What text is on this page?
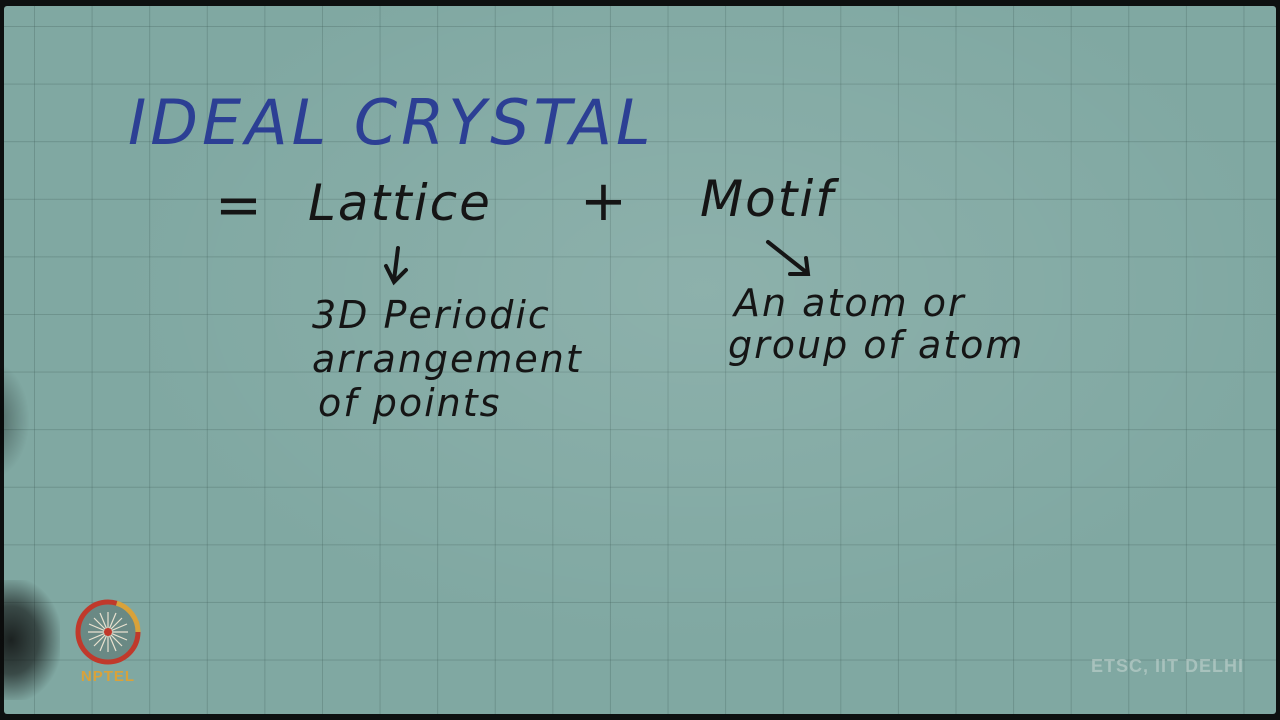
IDEAL CRYSTAL
= Lattice + Motif
3D Periodic
arrangement
of points
An atom or
group of atom
NPTEL
ETSC, IIT DELHI
